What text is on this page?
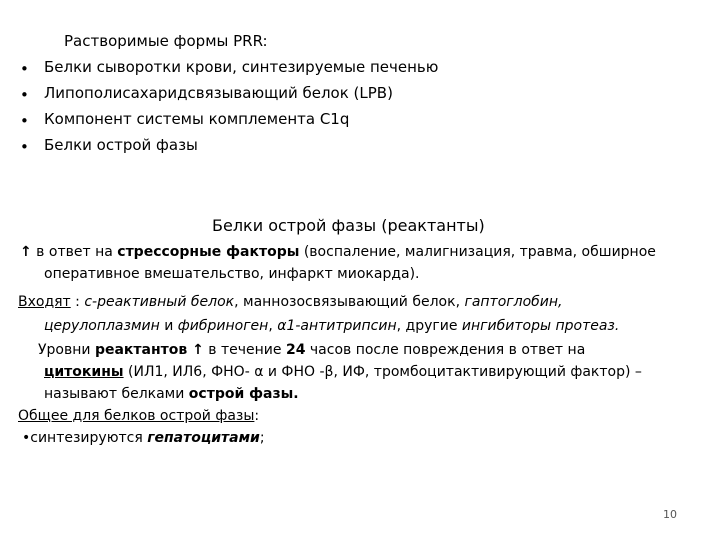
Растворимые формы PRR:
• Белки сыворотки крови, синтезируемые печенью
• Липополисахаридсвязывающий белок (LPB)
• Компонент системы комплемента C1q
• Белки острой фазы
Белки острой фазы (реактанты)
↑ в ответ на стрессорные факторы (воспаление, малигнизация, травма, обширное
оперативное вмешательство, инфаркт миокарда).
Входят : c-реактивный белок, маннозосвязывающий белок, гаптоглобин,
церулоплазмин и фибриноген, α1-антитрипсин, другие ингибиторы протеаз.
Уровни реактантов ↑ в течение 24 часов после повреждения в ответ на
цитокины (ИЛ1, ИЛ6, ФНО- α и ФНО -β, ИФ, тромбоцитактивирующий фактор) –
называют белками острой фазы.
Общее для белков острой фазы:
•синтезируются гепатоцитами;
10
